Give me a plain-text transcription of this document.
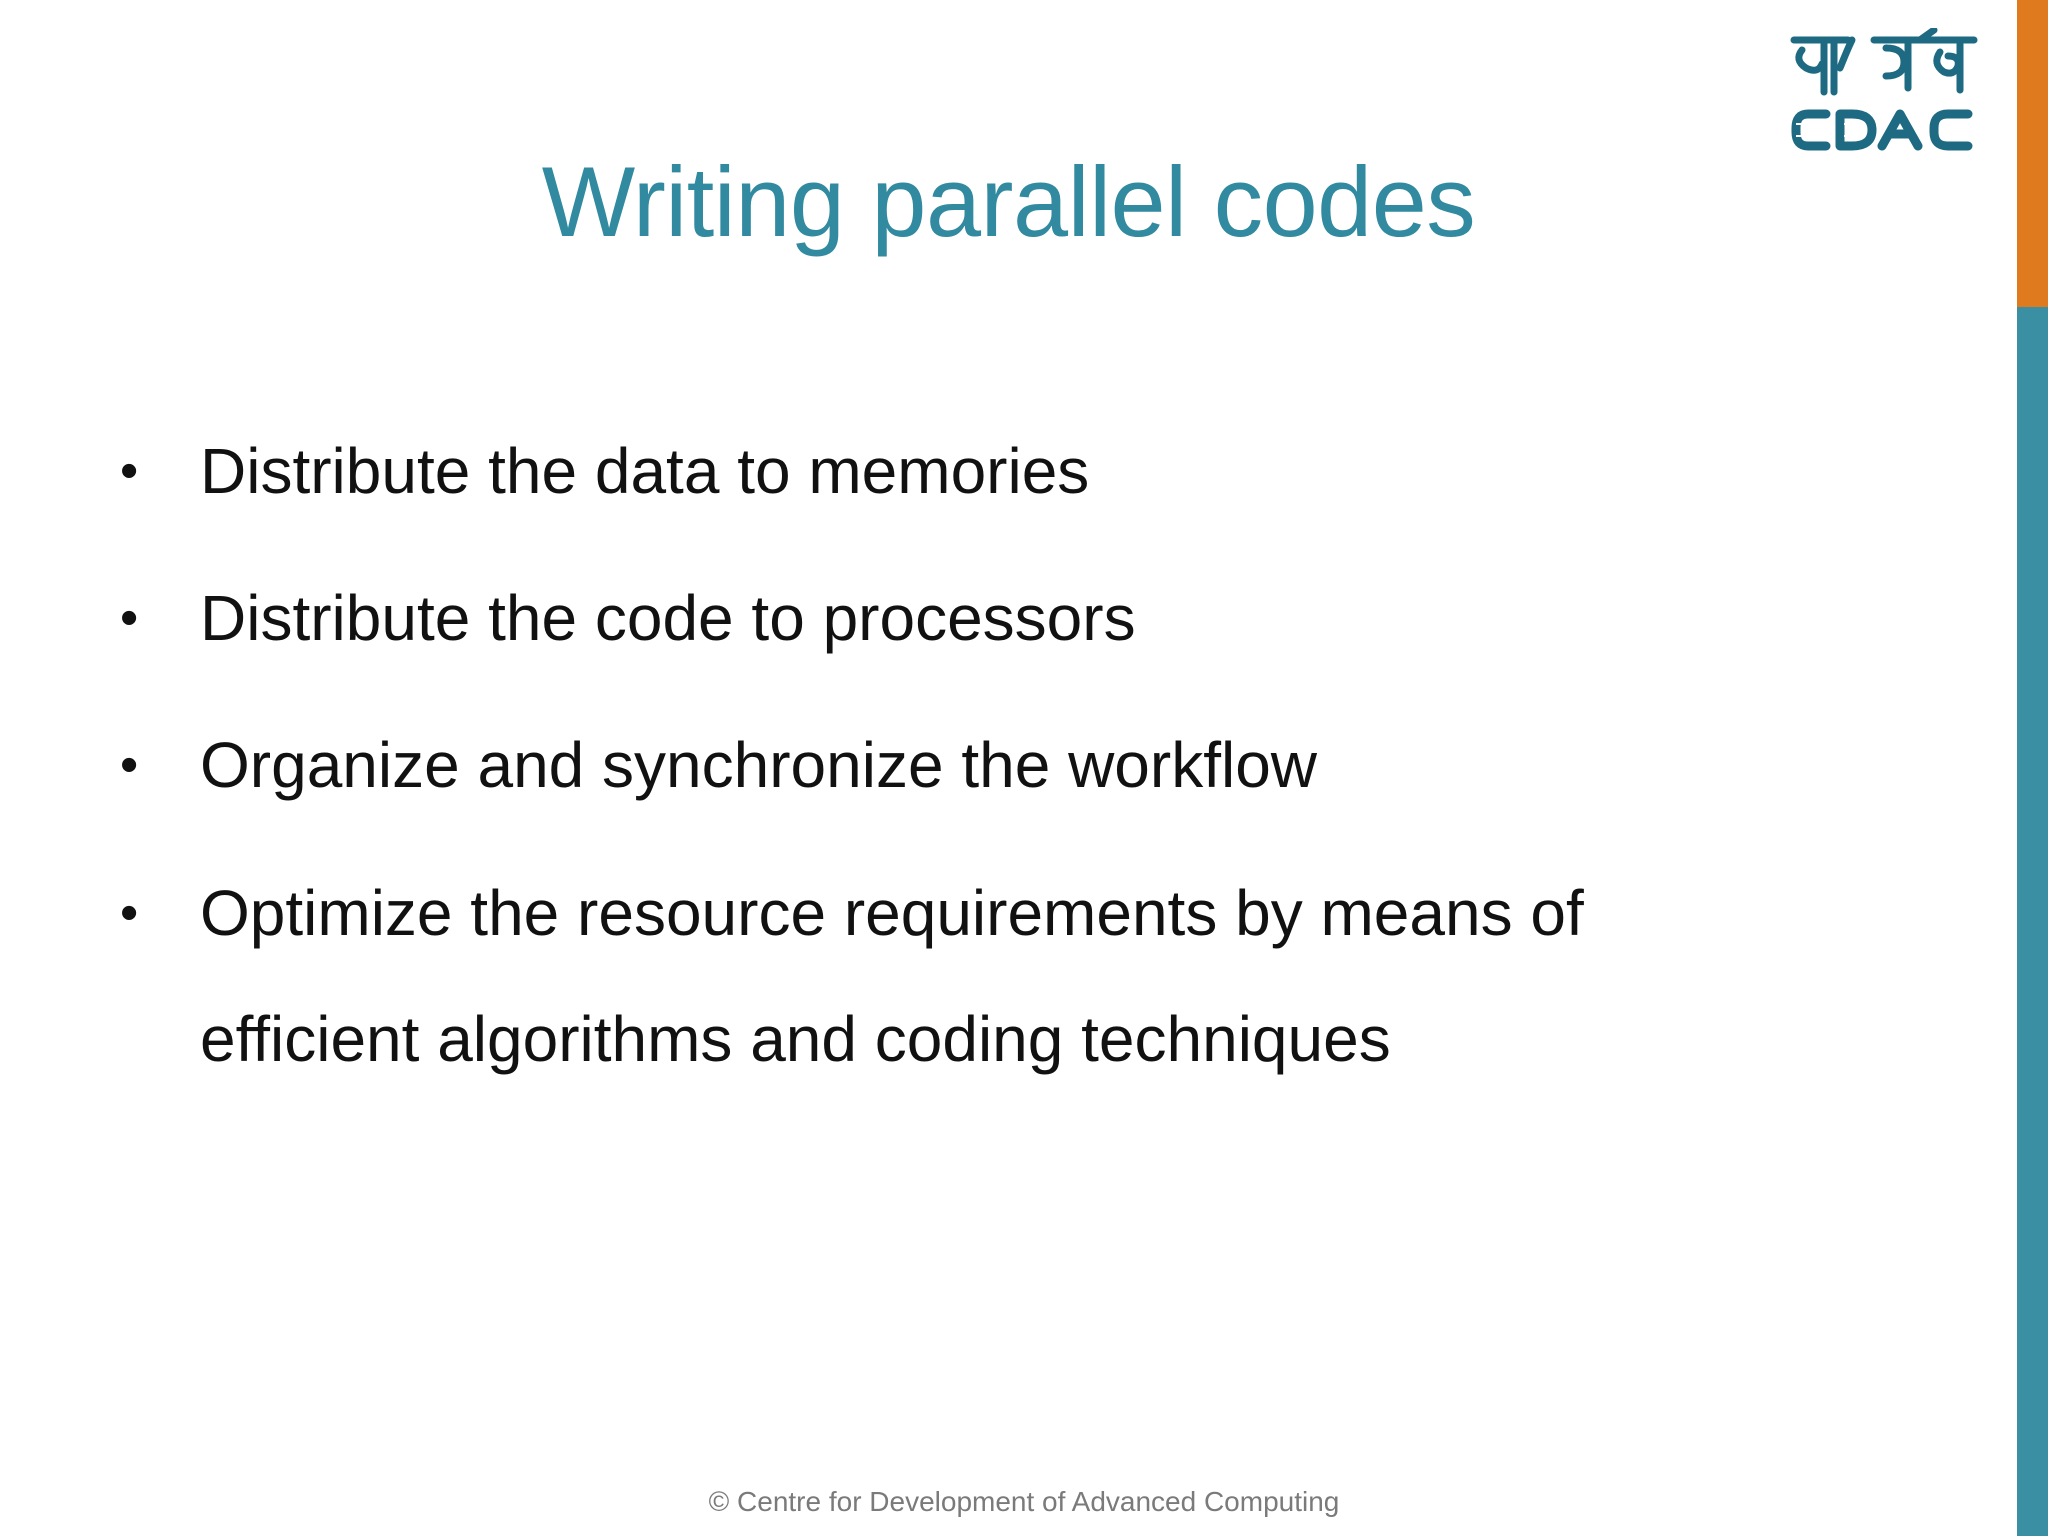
Writing parallel codes
• Distribute the data to memories
• Distribute the code to processors
• Organize and synchronize the workflow
• Optimize the resource requirements by means of efficient algorithms and coding techniques
© Centre for Development of Advanced Computing
